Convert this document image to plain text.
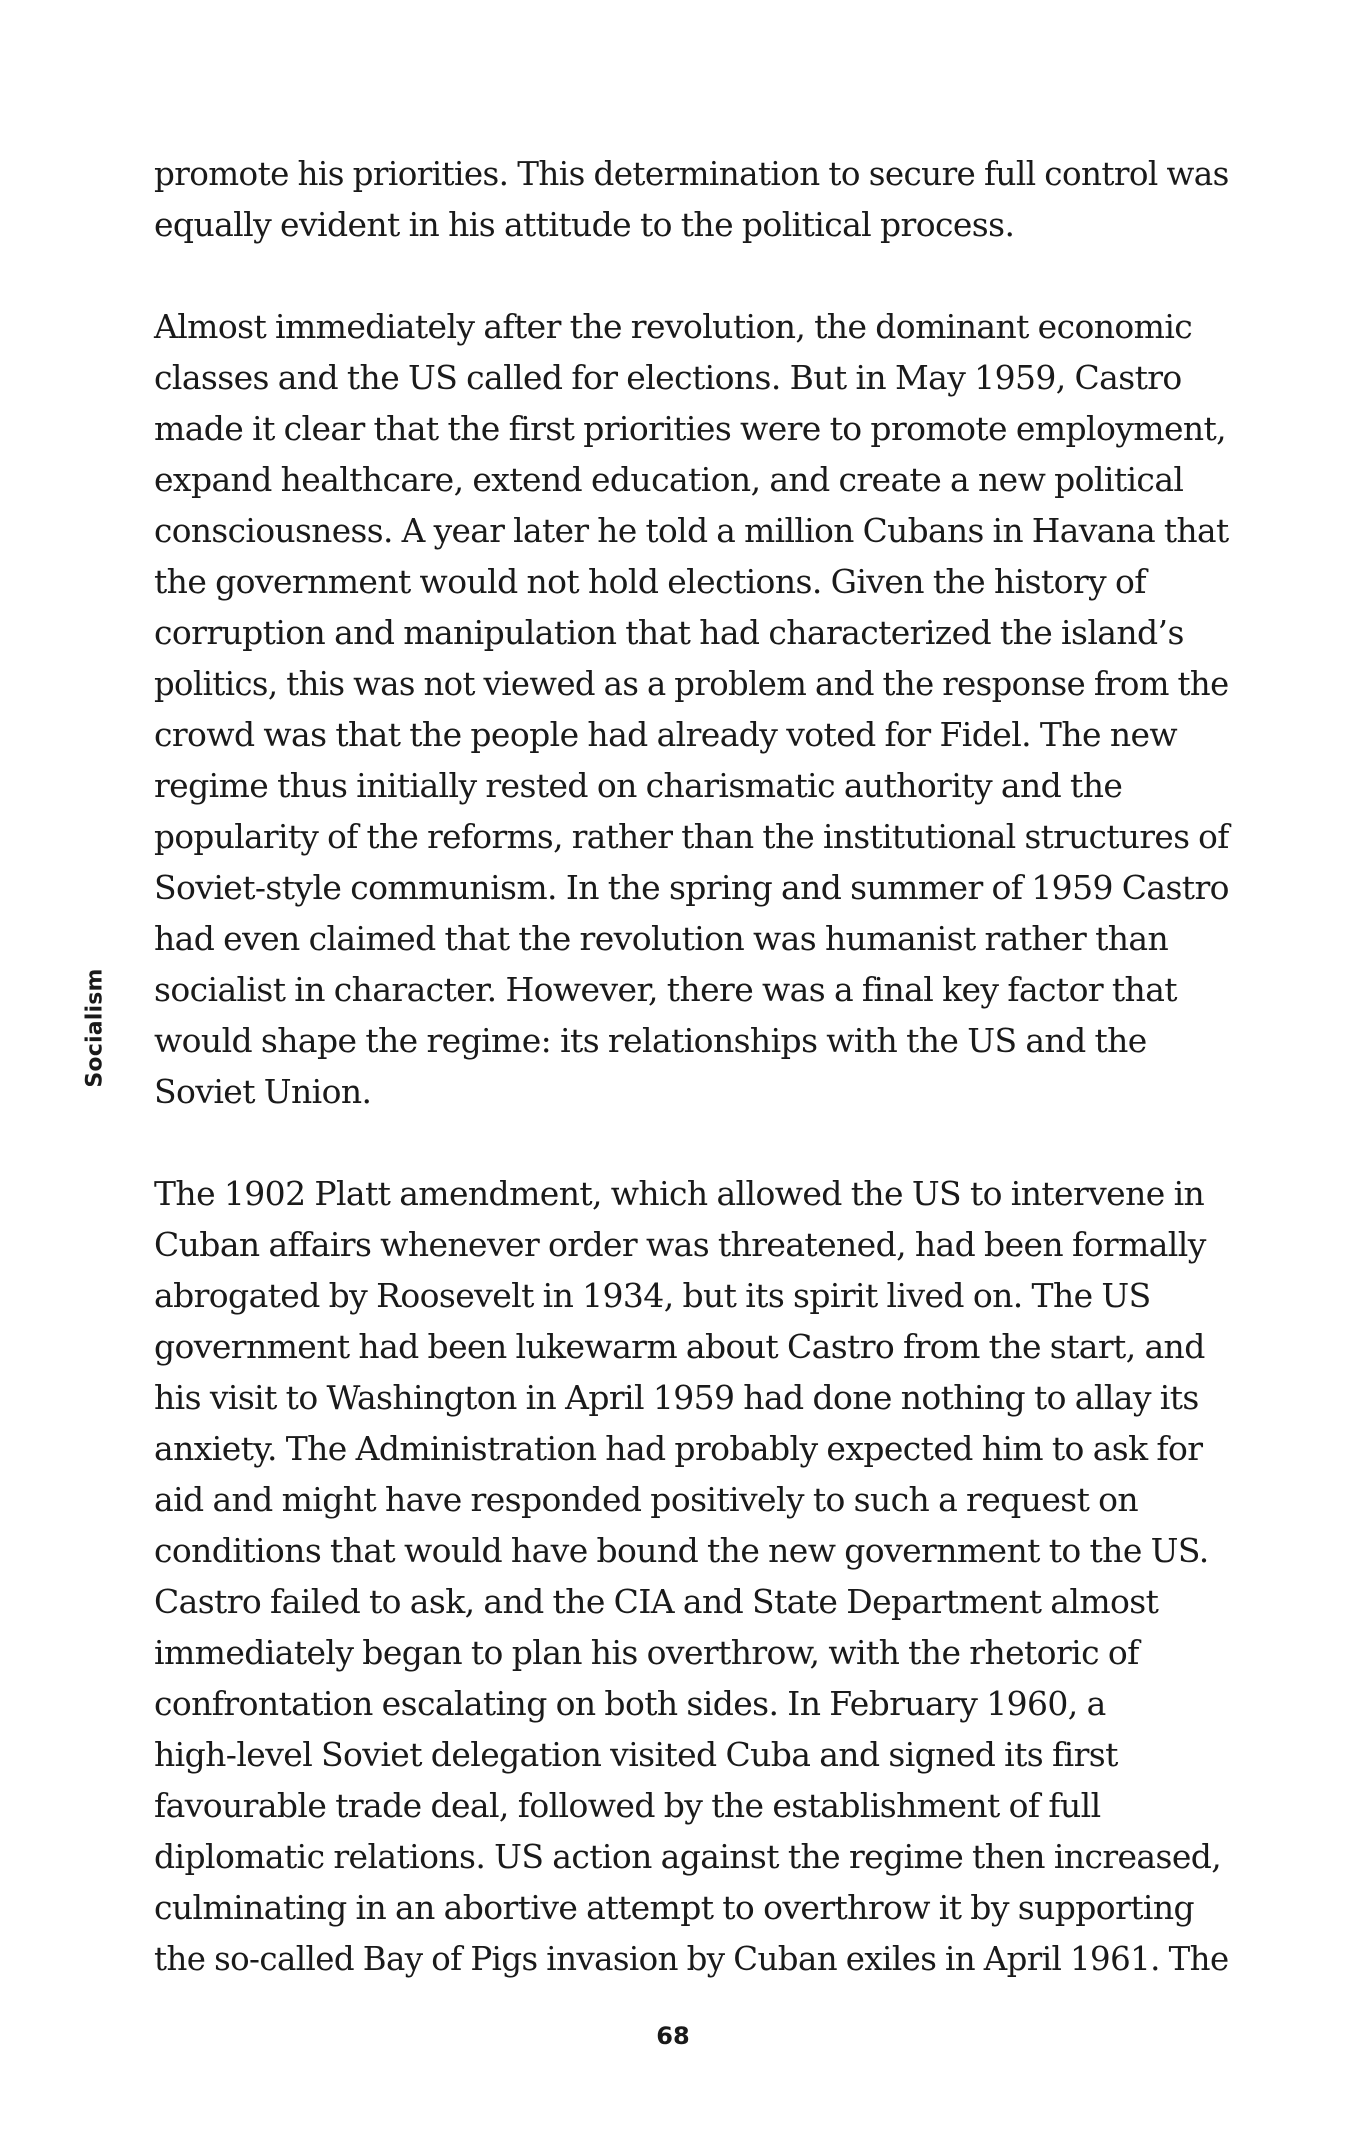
Socialism

promote his priorities. This determination to secure full control was
equally evident in his attitude to the political process.

Almost immediately after the revolution, the dominant economic
classes and the US called for elections. But in May 1959, Castro
made it clear that the first priorities were to promote employment,
expand healthcare, extend education, and create a new political
consciousness. A year later he told a million Cubans in Havana that
the government would not hold elections. Given the history of
corruption and manipulation that had characterized the island’s
politics, this was not viewed as a problem and the response from the
crowd was that the people had already voted for Fidel. The new
regime thus initially rested on charismatic authority and the
popularity of the reforms, rather than the institutional structures of
Soviet-style communism. In the spring and summer of 1959 Castro
had even claimed that the revolution was humanist rather than
socialist in character. However, there was a final key factor that
would shape the regime: its relationships with the US and the
Soviet Union.

The 1902 Platt amendment, which allowed the US to intervene in
Cuban affairs whenever order was threatened, had been formally
abrogated by Roosevelt in 1934, but its spirit lived on. The US
government had been lukewarm about Castro from the start, and
his visit to Washington in April 1959 had done nothing to allay its
anxiety. The Administration had probably expected him to ask for
aid and might have responded positively to such a request on
conditions that would have bound the new government to the US.
Castro failed to ask, and the CIA and State Department almost
immediately began to plan his overthrow, with the rhetoric of
confrontation escalating on both sides. In February 1960, a
high-level Soviet delegation visited Cuba and signed its first
favourable trade deal, followed by the establishment of full
diplomatic relations. US action against the regime then increased,
culminating in an abortive attempt to overthrow it by supporting
the so-called Bay of Pigs invasion by Cuban exiles in April 1961. The

68
